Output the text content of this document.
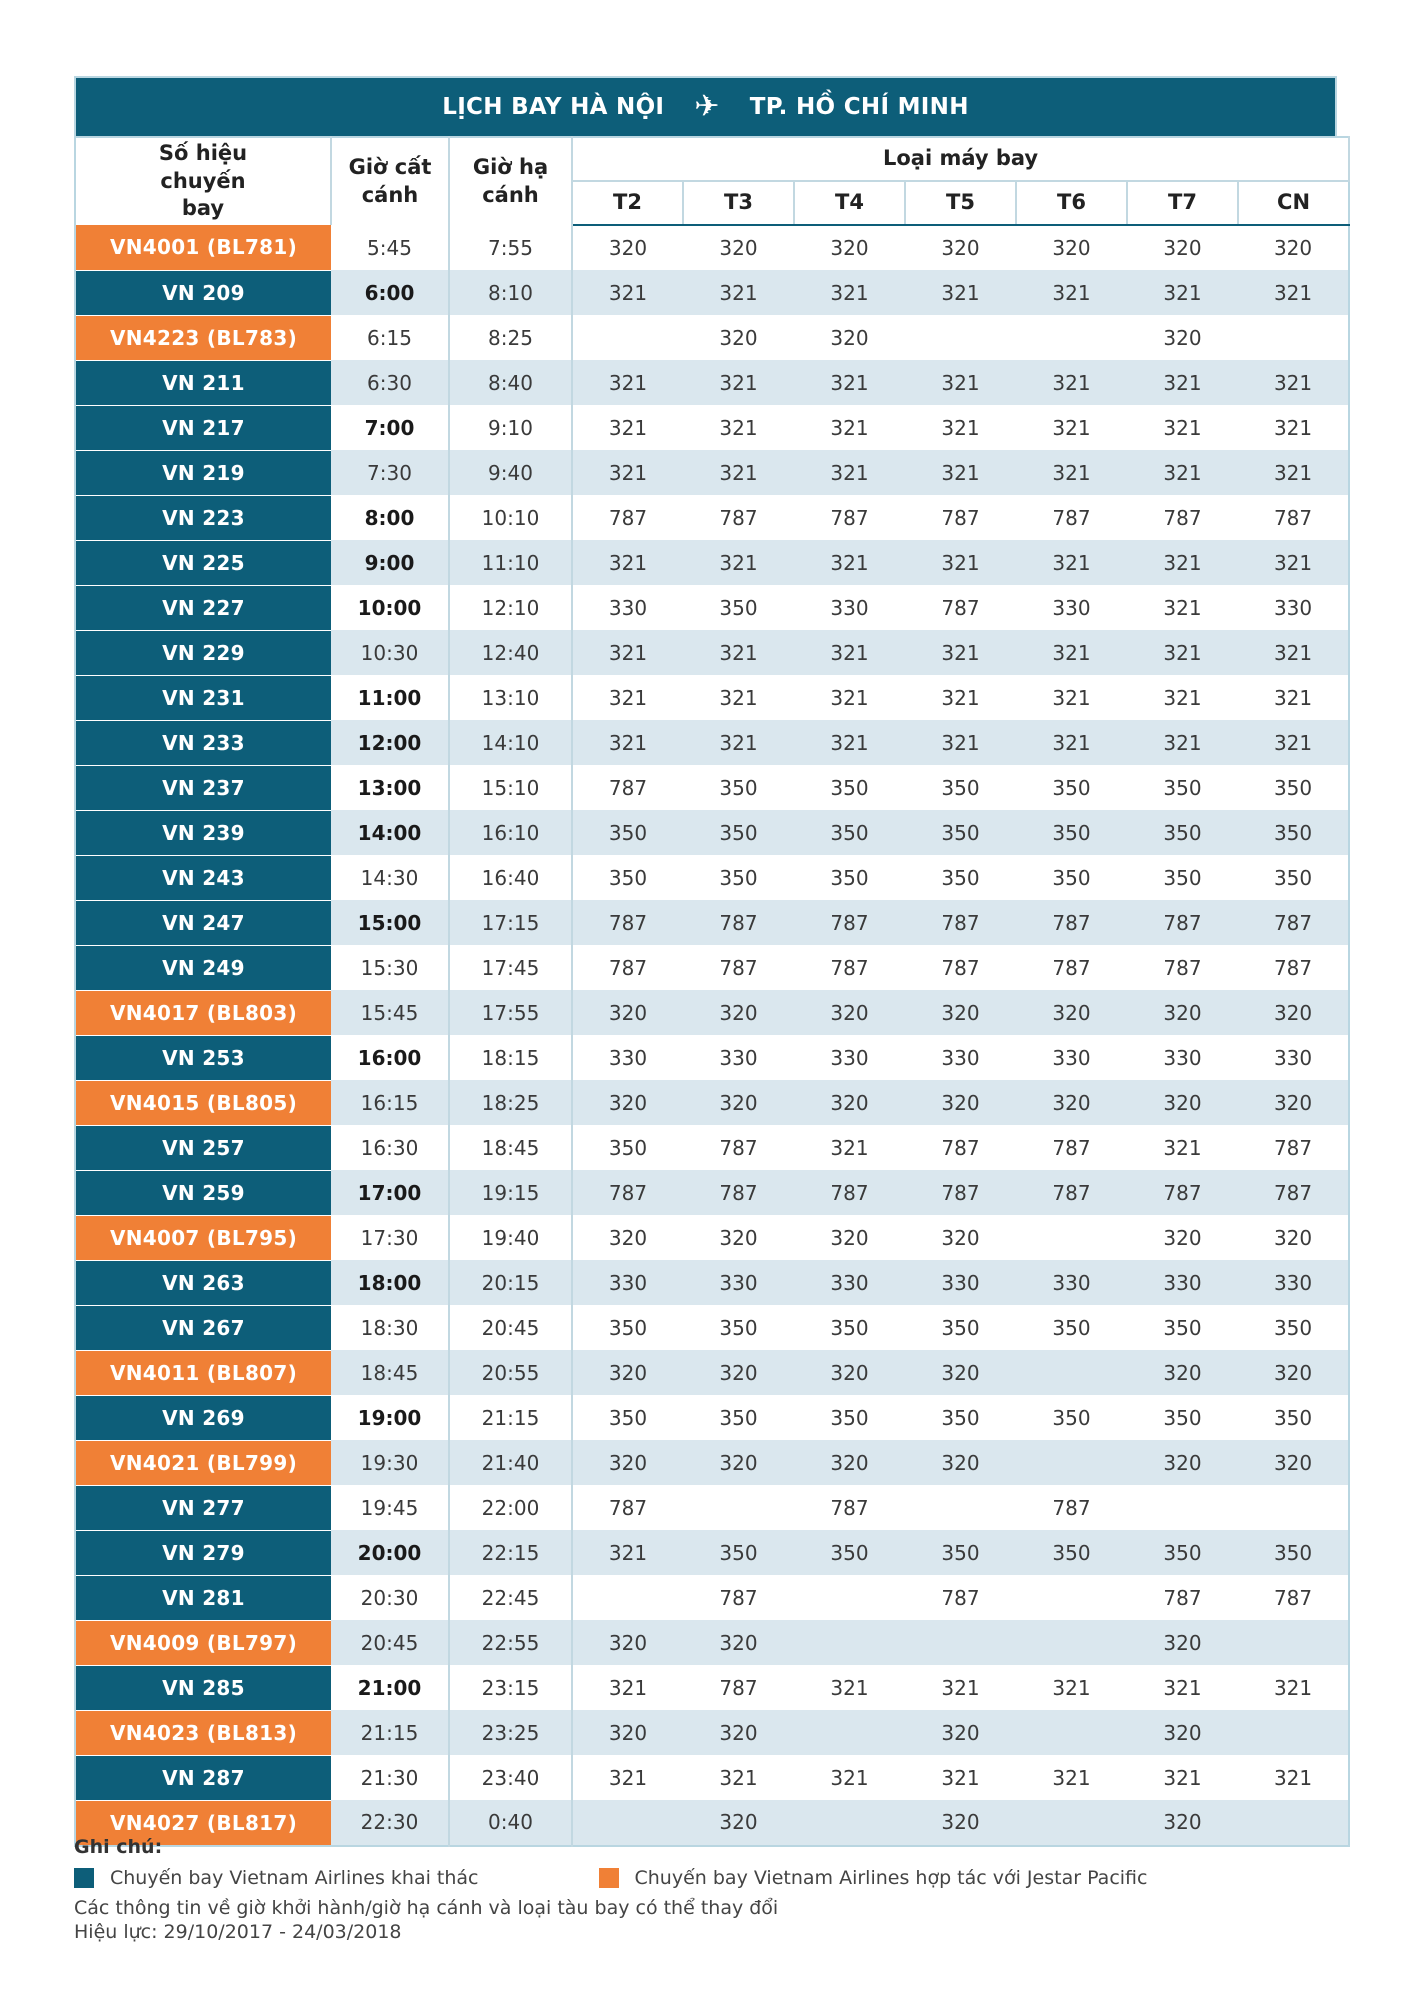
LỊCH BAY HÀ NỘI ✈ TP. HỒ CHÍ MINH
Số hiệu chuyến bay	Giờ cất cánh	Giờ hạ cánh	Loại máy bay						
			T2	T3	T4	T5	T6	T7	CN
VN4001 (BL781)	5:45	7:55	320	320	320	320	320	320	320
VN 209	6:00	8:10	321	321	321	321	321	321	321
VN4223 (BL783)	6:15	8:25		320	320			320	
VN 211	6:30	8:40	321	321	321	321	321	321	321
VN 217	7:00	9:10	321	321	321	321	321	321	321
VN 219	7:30	9:40	321	321	321	321	321	321	321
VN 223	8:00	10:10	787	787	787	787	787	787	787
VN 225	9:00	11:10	321	321	321	321	321	321	321
VN 227	10:00	12:10	330	350	330	787	330	321	330
VN 229	10:30	12:40	321	321	321	321	321	321	321
VN 231	11:00	13:10	321	321	321	321	321	321	321
VN 233	12:00	14:10	321	321	321	321	321	321	321
VN 237	13:00	15:10	787	350	350	350	350	350	350
VN 239	14:00	16:10	350	350	350	350	350	350	350
VN 243	14:30	16:40	350	350	350	350	350	350	350
VN 247	15:00	17:15	787	787	787	787	787	787	787
VN 249	15:30	17:45	787	787	787	787	787	787	787
VN4017 (BL803)	15:45	17:55	320	320	320	320	320	320	320
VN 253	16:00	18:15	330	330	330	330	330	330	330
VN4015 (BL805)	16:15	18:25	320	320	320	320	320	320	320
VN 257	16:30	18:45	350	787	321	787	787	321	787
VN 259	17:00	19:15	787	787	787	787	787	787	787
VN4007 (BL795)	17:30	19:40	320	320	320	320		320	320
VN 263	18:00	20:15	330	330	330	330	330	330	330
VN 267	18:30	20:45	350	350	350	350	350	350	350
VN4011 (BL807)	18:45	20:55	320	320	320	320		320	320
VN 269	19:00	21:15	350	350	350	350	350	350	350
VN4021 (BL799)	19:30	21:40	320	320	320	320		320	320
VN 277	19:45	22:00	787		787		787		
VN 279	20:00	22:15	321	350	350	350	350	350	350
VN 281	20:30	22:45		787		787		787	787
VN4009 (BL797)	20:45	22:55	320	320				320	
VN 285	21:00	23:15	321	787	321	321	321	321	321
VN4023 (BL813)	21:15	23:25	320	320		320		320	
VN 287	21:30	23:40	321	321	321	321	321	321	321
VN4027 (BL817)	22:30	0:40		320		320		320	
Ghi chú:
Chuyến bay Vietnam Airlines khai thác	Chuyến bay Vietnam Airlines hợp tác với Jestar Pacific
Các thông tin về giờ khởi hành/giờ hạ cánh và loại tàu bay có thể thay đổi
Hiệu lực: 29/10/2017 - 24/03/2018
